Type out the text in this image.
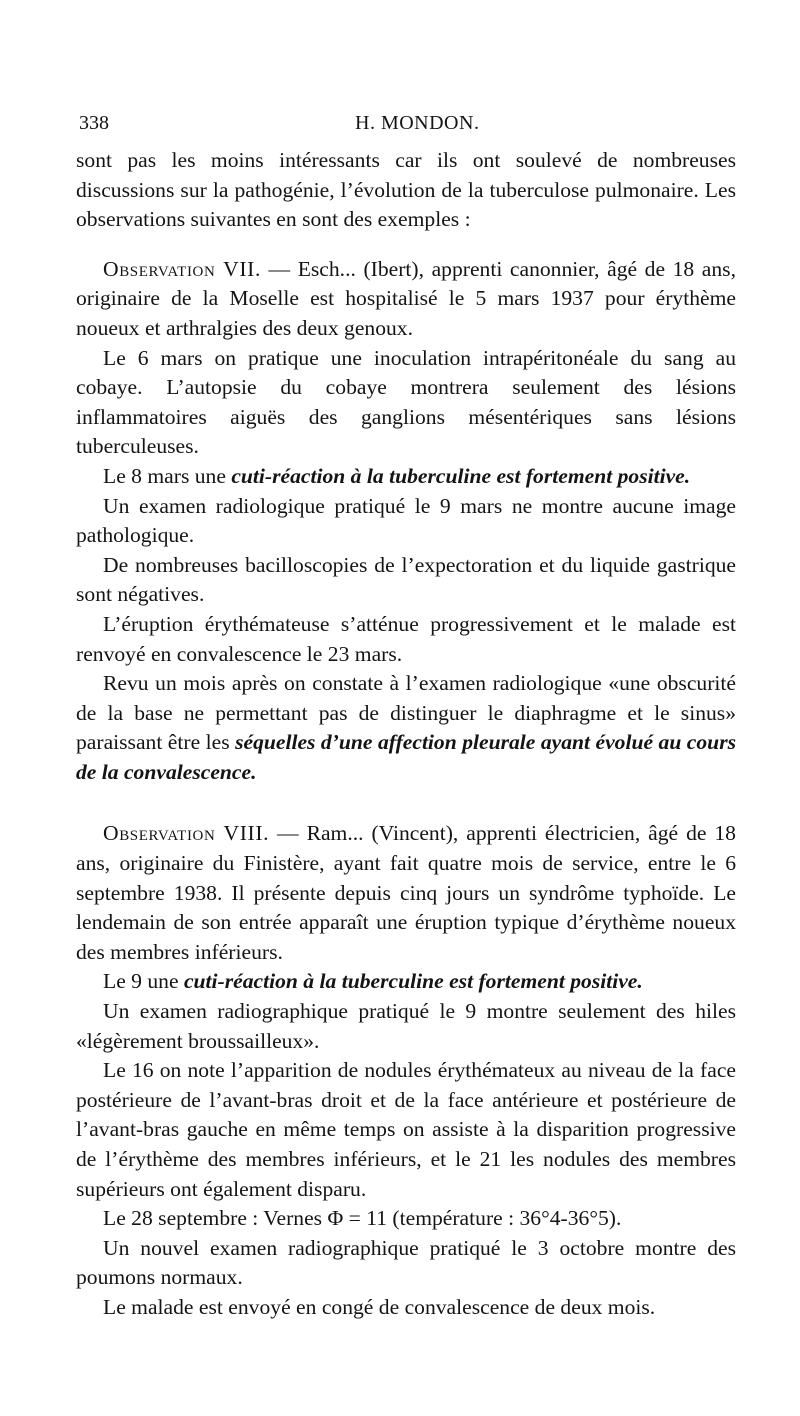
338	H. MONDON.

sont pas les moins intéressants car ils ont soulevé de nombreuses discussions sur la pathogénie, l’évolution de la tuberculose pulmonaire. Les observations suivantes en sont des exemples :

Observation VII. — Esch... (Ibert), apprenti canonnier, âgé de 18 ans, originaire de la Moselle est hospitalisé le 5 mars 1937 pour érythème noueux et arthralgies des deux genoux.

Le 6 mars on pratique une inoculation intrapéritonéale du sang au cobaye. L’autopsie du cobaye montrera seulement des lésions inflammatoires aiguës des ganglions mésentériques sans lésions tuberculeuses.

Le 8 mars une cuti-réaction à la tuberculine est fortement positive.

Un examen radiologique pratiqué le 9 mars ne montre aucune image pathologique.

De nombreuses bacilloscopies de l’expectoration et du liquide gastrique sont négatives.

L’éruption érythémateuse s’atténue progressivement et le malade est renvoyé en convalescence le 23 mars.

Revu un mois après on constate à l’examen radiologique «une obscurité de la base ne permettant pas de distinguer le diaphragme et le sinus» paraissant être les séquelles d’une affection pleurale ayant évolué au cours de la convalescence.

Observation VIII. — Ram... (Vincent), apprenti électricien, âgé de 18 ans, originaire du Finistère, ayant fait quatre mois de service, entre le 6 septembre 1938. Il présente depuis cinq jours un syndrôme typhoïde. Le lendemain de son entrée apparaît une éruption typique d’érythème noueux des membres inférieurs.

Le 9 une cuti-réaction à la tuberculine est fortement positive.

Un examen radiographique pratiqué le 9 montre seulement des hiles «légèrement broussailleux».

Le 16 on note l’apparition de nodules érythémateux au niveau de la face postérieure de l’avant-bras droit et de la face antérieure et postérieure de l’avant-bras gauche en même temps on assiste à la disparition progressive de l’érythème des membres inférieurs, et le 21 les nodules des membres supérieurs ont également disparu.

Le 28 septembre : Vernes Φ = 11 (température : 36°4-36°5).

Un nouvel examen radiographique pratiqué le 3 octobre montre des poumons normaux.

Le malade est envoyé en congé de convalescence de deux mois.
